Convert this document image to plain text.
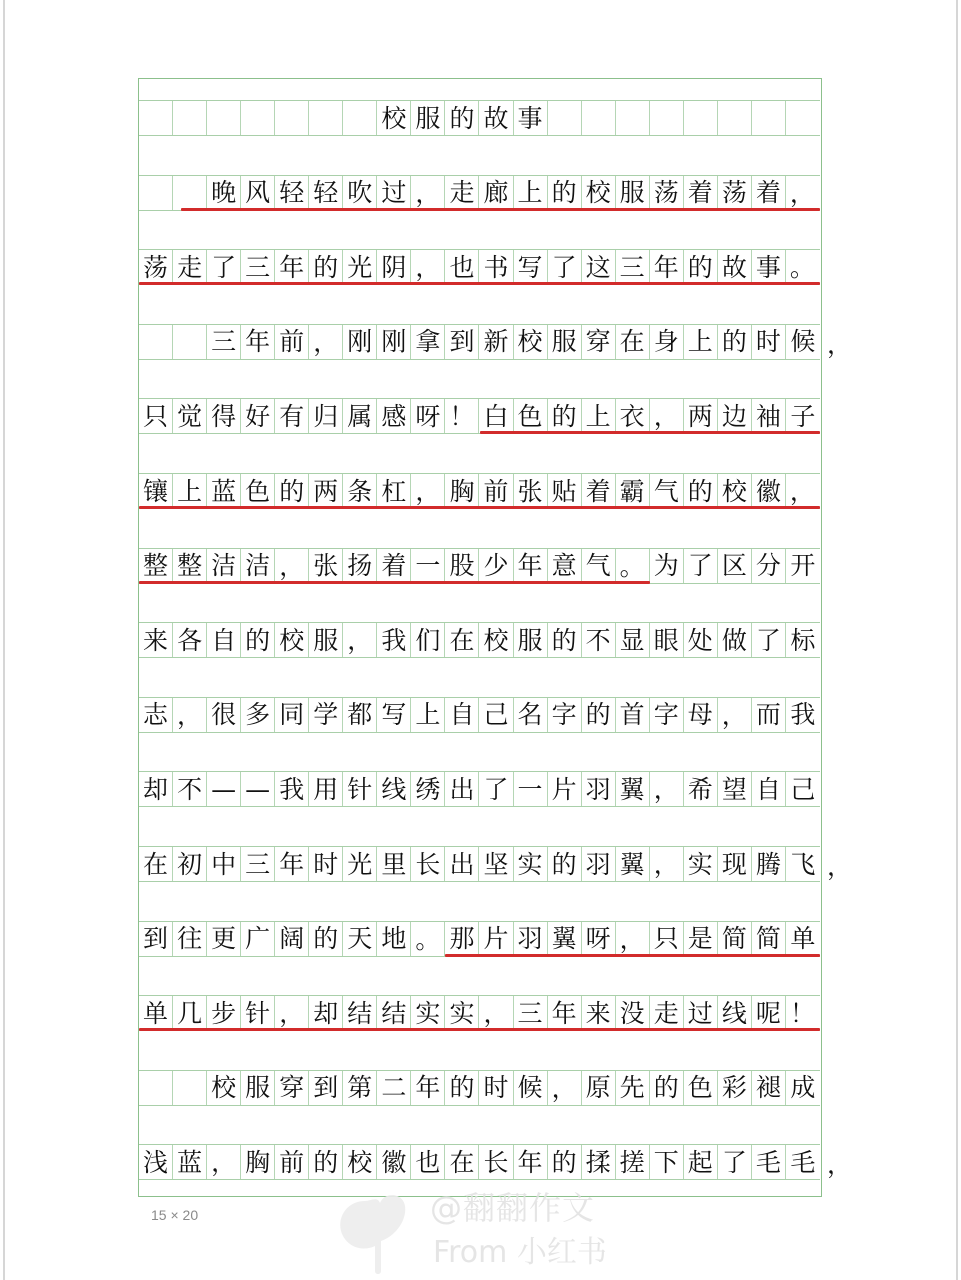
校 服 的 故 事
晚 风 轻 轻 吹 过 ， 走 廊 上 的 校 服 荡 着 荡 着 ，
荡 走 了 三 年 的 光 阴 ， 也 书 写 了 这 三 年 的 故 事 。
三 年 前 ， 刚 刚 拿 到 新 校 服 穿 在 身 上 的 时 候 ，
只 觉 得 好 有 归 属 感 呀 ！ 白 色 的 上 衣 ， 两 边 袖 子
镶 上 蓝 色 的 两 条 杠 ， 胸 前 张 贴 着 霸 气 的 校 徽 ，
整 整 洁 洁 ， 张 扬 着 一 股 少 年 意 气 。 为 了 区 分 开
来 各 自 的 校 服 ， 我 们 在 校 服 的 不 显 眼 处 做 了 标
志 ， 很 多 同 学 都 写 上 自 己 名 字 的 首 字 母 ， 而 我
却 不 — — 我 用 针 线 绣 出 了 一 片 羽 翼 ， 希 望 自 己
在 初 中 三 年 时 光 里 长 出 坚 实 的 羽 翼 ， 实 现 腾 飞 ，
到 往 更 广 阔 的 天 地 。 那 片 羽 翼 呀 ， 只 是 简 简 单
单 几 步 针 ， 却 结 结 实 实 ， 三 年 来 没 走 过 线 呢 ！
校 服 穿 到 第 二 年 的 时 候 ， 原 先 的 色 彩 褪 成
浅 蓝 ， 胸 前 的 校 徽 也 在 长 年 的 揉 搓 下 起 了 毛 毛 ，
15 × 20	@翻翻作文
From 小红书
